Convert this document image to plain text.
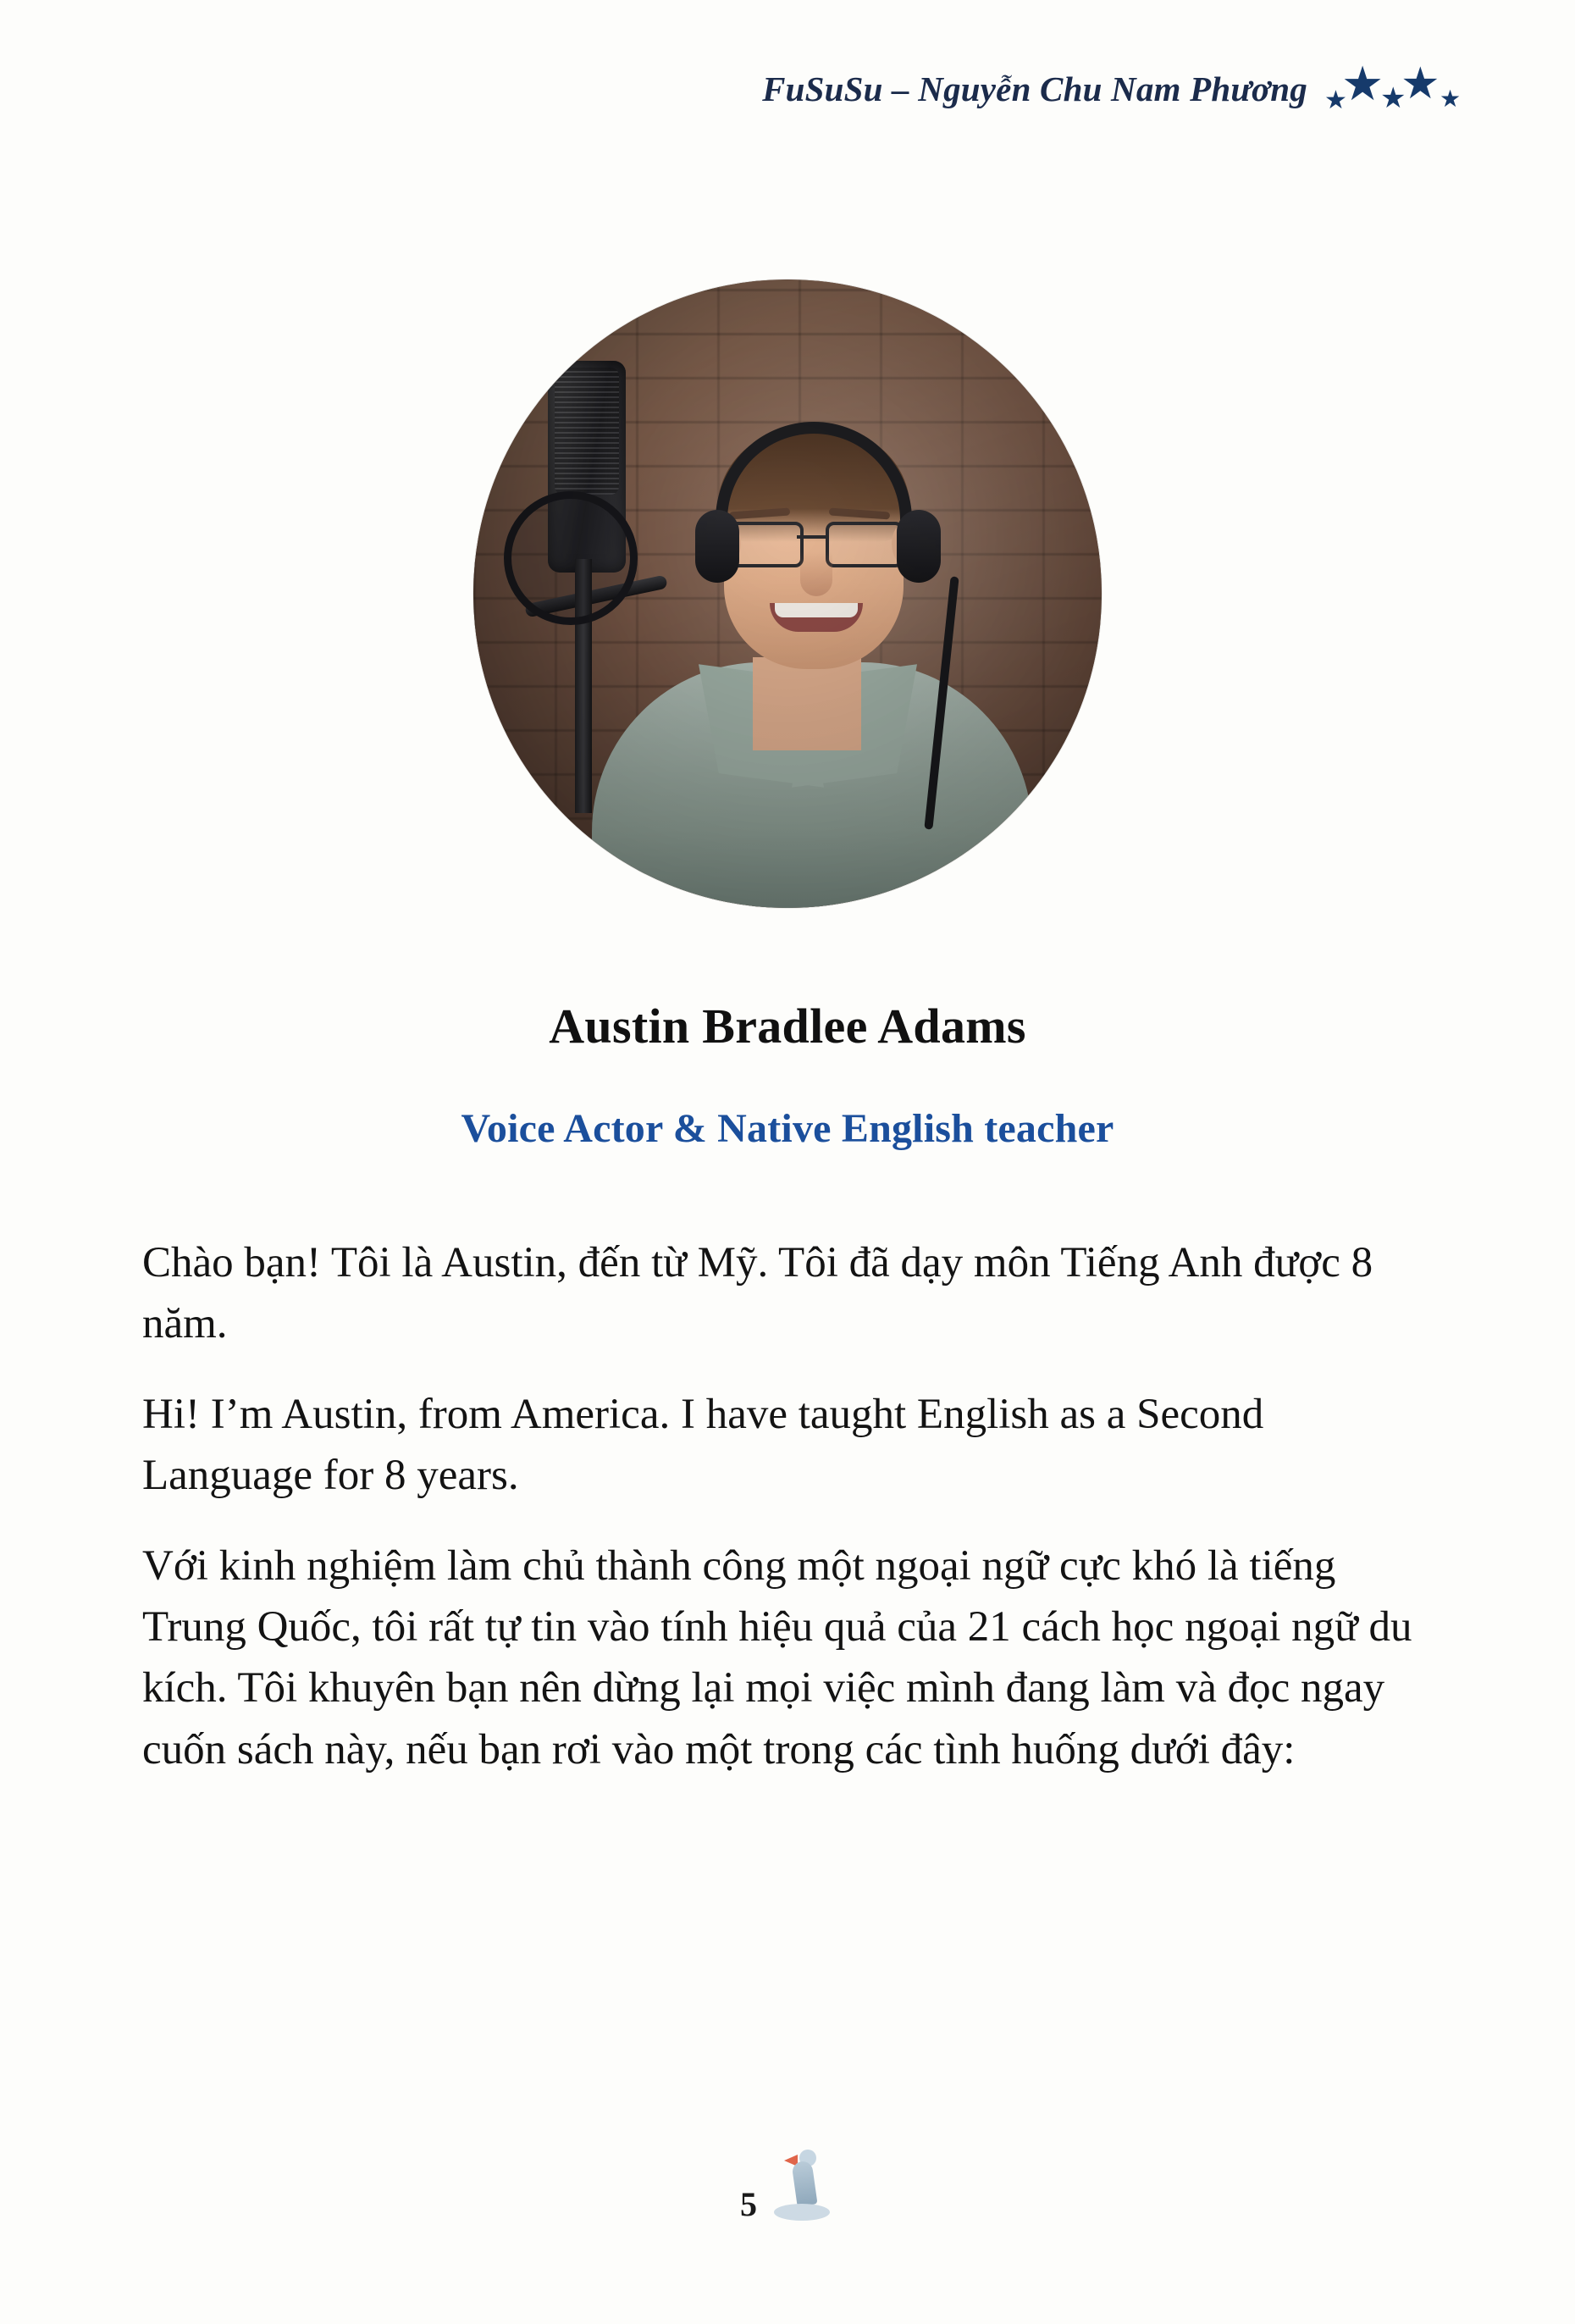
FuSuSu – Nguyễn Chu Nam Phương ★
★
★
★ ★
Austin Bradlee Adams
Voice Actor & Native English teacher

Chào bạn! Tôi là Austin, đến từ Mỹ. Tôi đã dạy môn Tiếng Anh được 8 năm.

Hi! I’m Austin, from America. I have taught English as a Second Language for 8 years.

Với kinh nghiệm làm chủ thành công một ngoại ngữ cực khó là tiếng Trung Quốc, tôi rất tự tin vào tính hiệu quả của 21 cách học ngoại ngữ du kích. Tôi khuyên bạn nên dừng lại mọi việc mình đang làm và đọc ngay cuốn sách này, nếu bạn rơi vào một trong các tình huống dưới đây:

5
